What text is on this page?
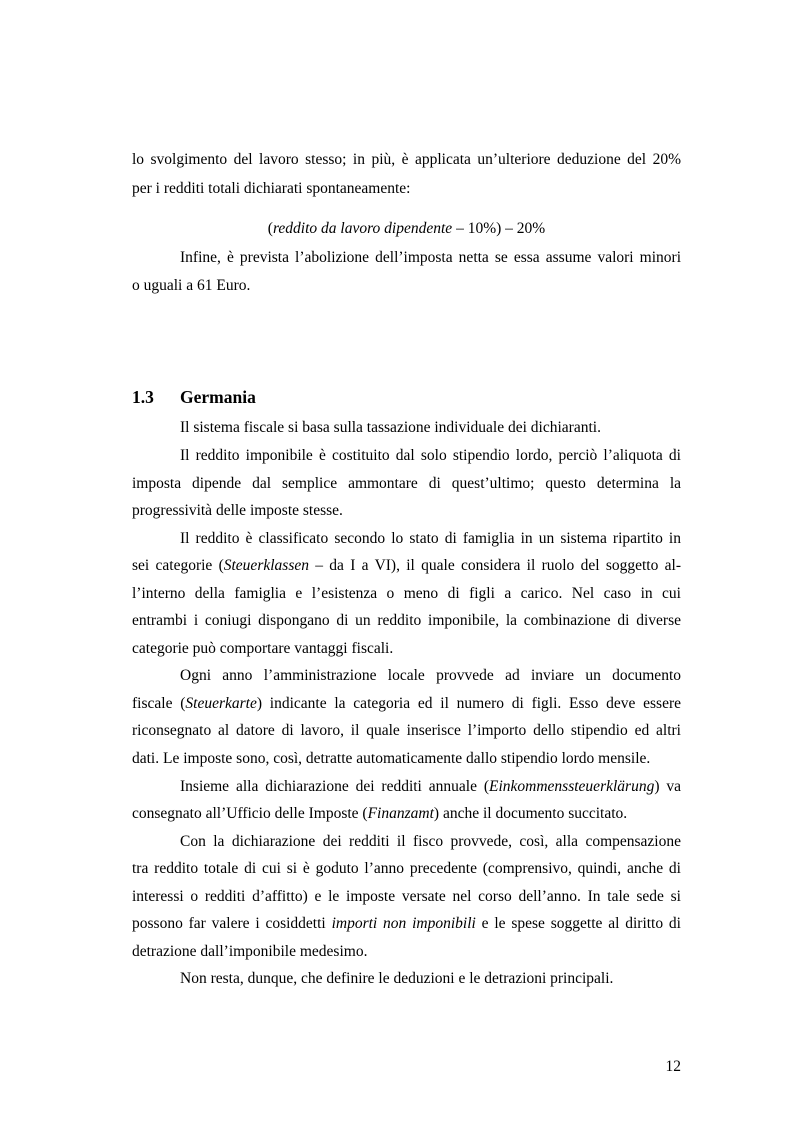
lo svolgimento del lavoro stesso; in più, è applicata un’ulteriore deduzione del 20%
per i redditi totali dichiarati spontaneamente:
(reddito da lavoro dipendente – 10%) – 20%
Infine, è prevista l’abolizione dell’imposta netta se essa assume valori minori
o uguali a 61 Euro.
1.3 Germania
Il sistema fiscale si basa sulla tassazione individuale dei dichiaranti.
Il reddito imponibile è costituito dal solo stipendio lordo, perciò l’aliquota di
imposta dipende dal semplice ammontare di quest’ultimo; questo determina la
progressività delle imposte stesse.
Il reddito è classificato secondo lo stato di famiglia in un sistema ripartito in
sei categorie (Steuerklassen – da I a VI), il quale considera il ruolo del soggetto al-
l’interno della famiglia e l’esistenza o meno di figli a carico. Nel caso in cui
entrambi i coniugi dispongano di un reddito imponibile, la combinazione di diverse
categorie può comportare vantaggi fiscali.
Ogni anno l’amministrazione locale provvede ad inviare un documento
fiscale (Steuerkarte) indicante la categoria ed il numero di figli. Esso deve essere
riconsegnato al datore di lavoro, il quale inserisce l’importo dello stipendio ed altri
dati. Le imposte sono, così, detratte automaticamente dallo stipendio lordo mensile.
Insieme alla dichiarazione dei redditi annuale (Einkommenssteuerklärung) va
consegnato all’Ufficio delle Imposte (Finanzamt) anche il documento succitato.
Con la dichiarazione dei redditi il fisco provvede, così, alla compensazione
tra reddito totale di cui si è goduto l’anno precedente (comprensivo, quindi, anche di
interessi o redditi d’affitto) e le imposte versate nel corso dell’anno. In tale sede si
possono far valere i cosiddetti importi non imponibili e le spese soggette al diritto di
detrazione dall’imponibile medesimo.
Non resta, dunque, che definire le deduzioni e le detrazioni principali.
12
